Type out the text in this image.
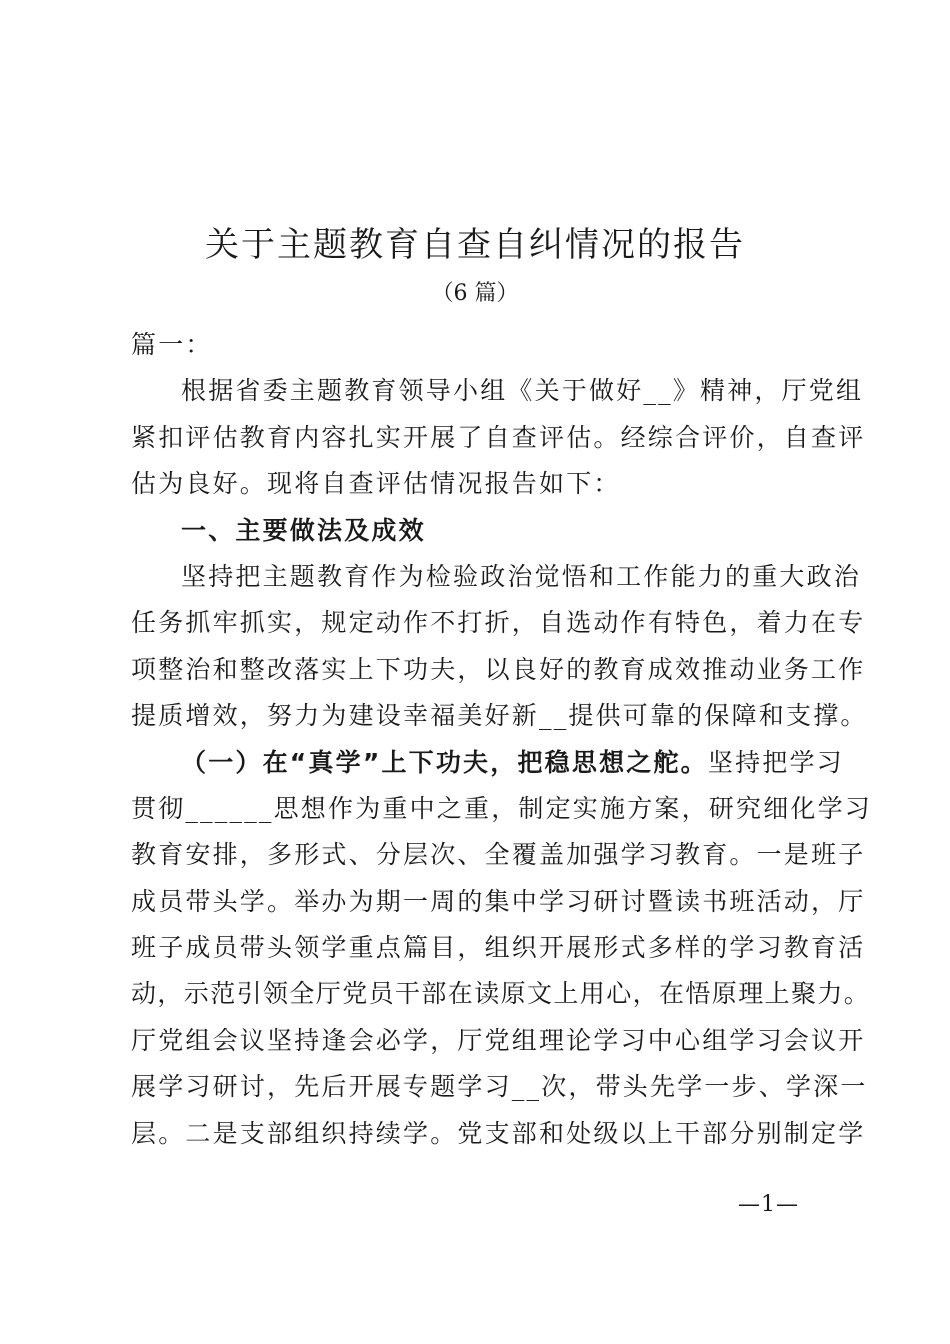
关于主题教育自查自纠情况的报告
（6 篇）
篇一：
根据省委主题教育领导小组《关于做好__》精神，厅党组
紧扣评估教育内容扎实开展了自查评估。经综合评价，自查评
估为良好。现将自查评估情况报告如下：
一、主要做法及成效
坚持把主题教育作为检验政治觉悟和工作能力的重大政治
任务抓牢抓实，规定动作不打折，自选动作有特色，着力在专
项整治和整改落实上下功夫，以良好的教育成效推动业务工作
提质增效，努力为建设幸福美好新__提供可靠的保障和支撑。
（一）在“真学”上下功夫，把稳思想之舵。坚持把学习
贯彻______思想作为重中之重，制定实施方案，研究细化学习
教育安排，多形式、分层次、全覆盖加强学习教育。一是班子
成员带头学。举办为期一周的集中学习研讨暨读书班活动，厅
班子成员带头领学重点篇目，组织开展形式多样的学习教育活
动，示范引领全厅党员干部在读原文上用心，在悟原理上聚力。
厅党组会议坚持逢会必学，厅党组理论学习中心组学习会议开
展学习研讨，先后开展专题学习__次，带头先学一步、学深一
层。二是支部组织持续学。党支部和处级以上干部分别制定学
—1—
